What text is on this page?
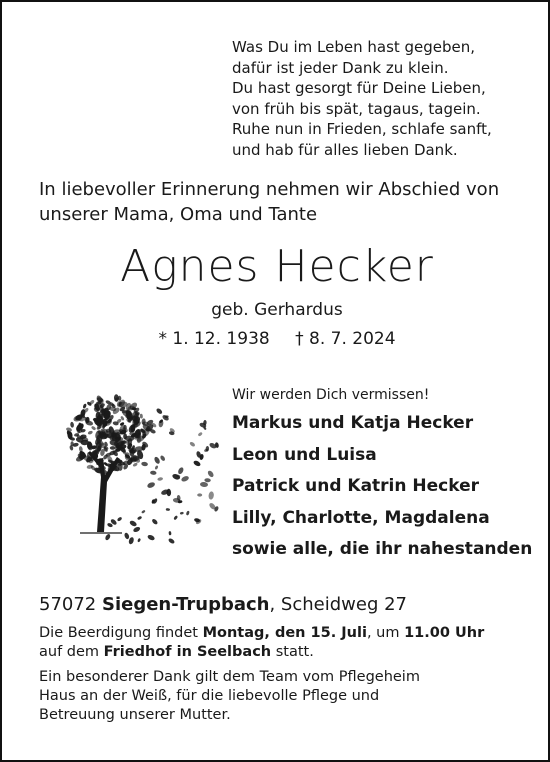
Was Du im Leben hast gegeben,
dafür ist jeder Dank zu klein.
Du hast gesorgt für Deine Lieben,
von früh bis spät, tagaus, tagein.
Ruhe nun in Frieden, schlafe sanft,
und hab für alles lieben Dank.
In liebevoller Erinnerung nehmen wir Abschied von
unserer Mama, Oma und Tante
Agnes Hecker
geb. Gerhardus
* 1. 12. 1938 † 8. 7. 2024
Wir werden Dich vermissen!
Markus und Katja Hecker
Leon und Luisa
Patrick und Katrin Hecker
Lilly, Charlotte, Magdalena
sowie alle, die ihr nahestanden
57072 Siegen-Trupbach, Scheidweg 27
Die Beerdigung findet Montag, den 15. Juli, um 11.00 Uhr
auf dem Friedhof in Seelbach statt.
Ein besonderer Dank gilt dem Team vom Pflegeheim
Haus an der Weiß, für die liebevolle Pflege und
Betreuung unserer Mutter.
